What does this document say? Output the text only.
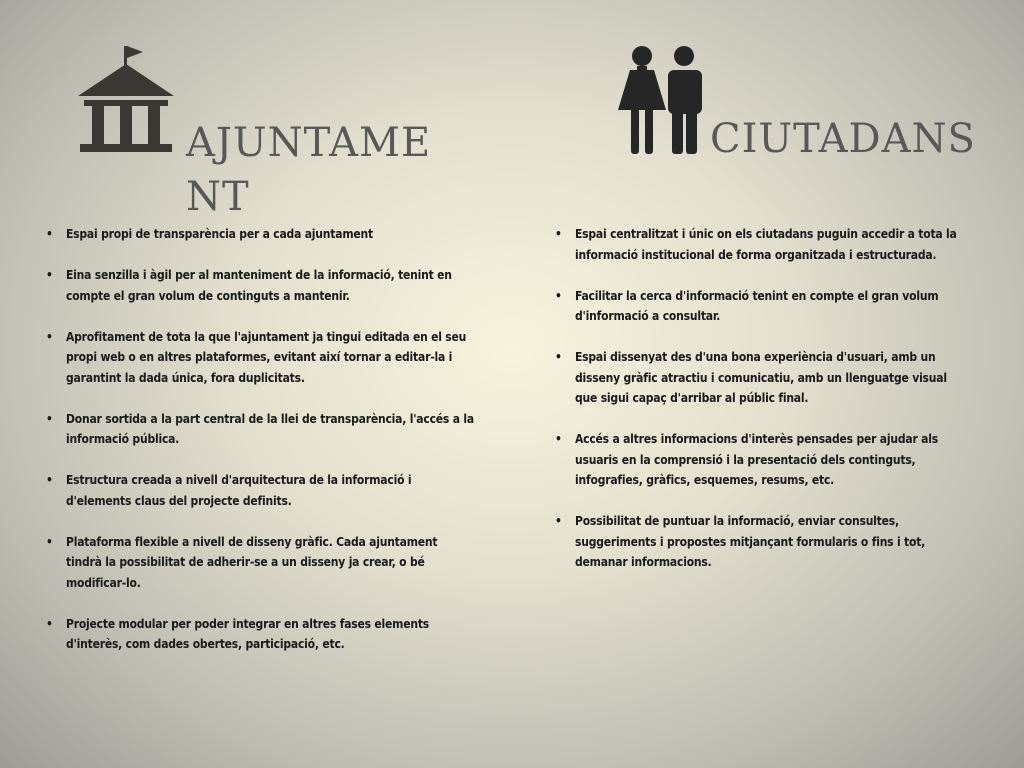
AJUNTAMENT
CIUTADANS
• Espai propi de transparència per a cada ajuntament
• Eina senzilla i àgil per al manteniment de la informació, tenint en compte el gran volum de continguts a mantenir.
• Aprofitament de tota la que l'ajuntament ja tingui editada en el seu propi web o en altres plataformes, evitant així tornar a editar-la i garantint la dada única, fora duplicitats.
• Donar sortida a la part central de la llei de transparència, l'accés a la informació pública.
• Estructura creada a nivell d'arquitectura de la informació i d'elements claus del projecte definits.
• Plataforma flexible a nivell de disseny gràfic. Cada ajuntament tindrà la possibilitat de adherir-se a un disseny ja crear, o bé modificar-lo.
• Projecte modular per poder integrar en altres fases elements d'interès, com dades obertes, participació, etc.
• Espai centralitzat i únic on els ciutadans puguin accedir a tota la informació institucional de forma organitzada i estructurada.
• Facilitar la cerca d'informació tenint en compte el gran volum d'informació a consultar.
• Espai dissenyat des d'una bona experiència d'usuari, amb un disseny gràfic atractiu i comunicatiu, amb un llenguatge visual que sigui capaç d'arribar al públic final.
• Accés a altres informacions d'interès pensades per ajudar als usuaris en la comprensió i la presentació dels continguts, infografies, gràfics, esquemes, resums, etc.
• Possibilitat de puntuar la informació, enviar consultes, suggeriments i propostes mitjançant formularis o fins i tot, demanar informacions.
